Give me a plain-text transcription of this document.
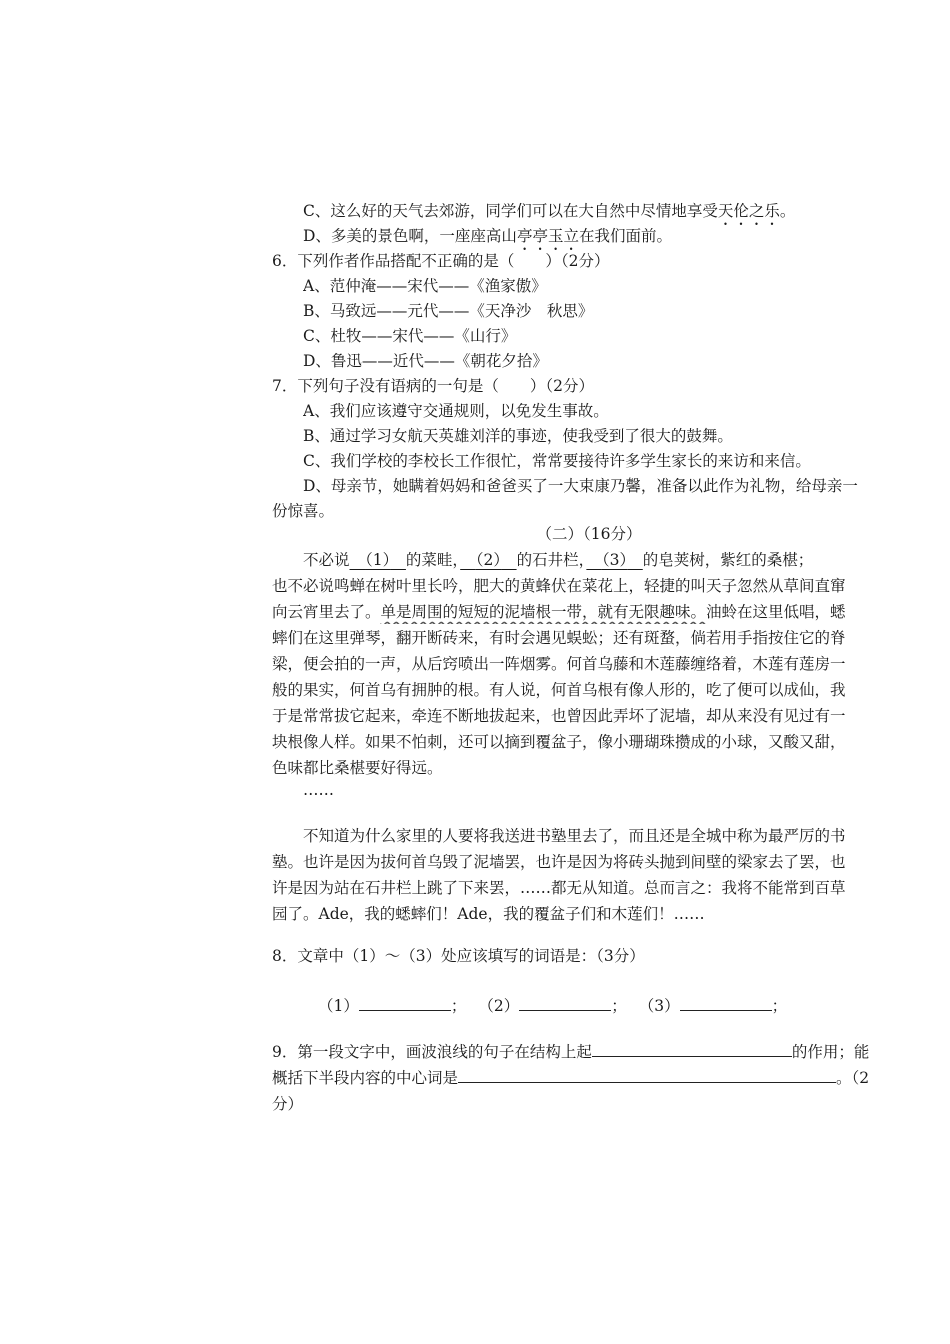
C、这么好的天气去郊游，同学们可以在大自然中尽情地享受天伦之乐。
D、多美的景色啊，一座座高山亭亭玉立在我们面前。
6．下列作者作品搭配不正确的是（　　）（2分）
A、范仲淹——宋代——《渔家傲》
B、马致远——元代——《天净沙　秋思》
C、杜牧——宋代——《山行》
D、鲁迅——近代——《朝花夕拾》
7．下列句子没有语病的一句是（　　）（2分）
A、我们应该遵守交通规则，以免发生事故。
B、通过学习女航天英雄刘洋的事迹，使我受到了很大的鼓舞。
C、我们学校的李校长工作很忙，常常要接待许多学生家长的来访和来信。
D、母亲节，她瞒着妈妈和爸爸买了一大束康乃馨，准备以此作为礼物，给母亲一
份惊喜。
（二）（16分）
不必说　 （1）　 的菜畦，　 （2）　 的石井栏，　 （3）　 的皂荚树，紫红的桑椹；
也不必说鸣蝉在树叶里长吟，肥大的黄蜂伏在菜花上，轻捷的叫天子忽然从草间直窜
向云宵里去了。单是周围的短短的泥墙根一带，就有无限趣味。油蛉在这里低唱，蟋
蟀们在这里弹琴，翻开断砖来，有时会遇见蜈蚣；还有斑蝥，倘若用手指按住它的脊
梁，便会拍的一声，从后窍喷出一阵烟雾。何首乌藤和木莲藤缠络着，木莲有莲房一
般的果实，何首乌有拥肿的根。有人说，何首乌根有像人形的，吃了便可以成仙，我
于是常常拔它起来，牵连不断地拔起来，也曾因此弄坏了泥墙，却从来没有见过有一
块根像人样。如果不怕刺，还可以摘到覆盆子，像小珊瑚珠攒成的小球，又酸又甜，
色味都比桑椹要好得远。
……
不知道为什么家里的人要将我送进书塾里去了，而且还是全城中称为最严厉的书
塾。也许是因为拔何首乌毁了泥墙罢，也许是因为将砖头抛到间壁的梁家去了罢，也
许是因为站在石井栏上跳了下来罢，……都无从知道。总而言之：我将不能常到百草
园了。Ade，我的蟋蟀们！Ade，我的覆盆子们和木莲们！……
8．文章中（1）～（3）处应该填写的词语是：（3分）
（1）	； （2）	； （3）	；
9．第一段文字中，画波浪线的句子在结构上起	的作用；能
概括下半段内容的中心词是	。（2
分）
